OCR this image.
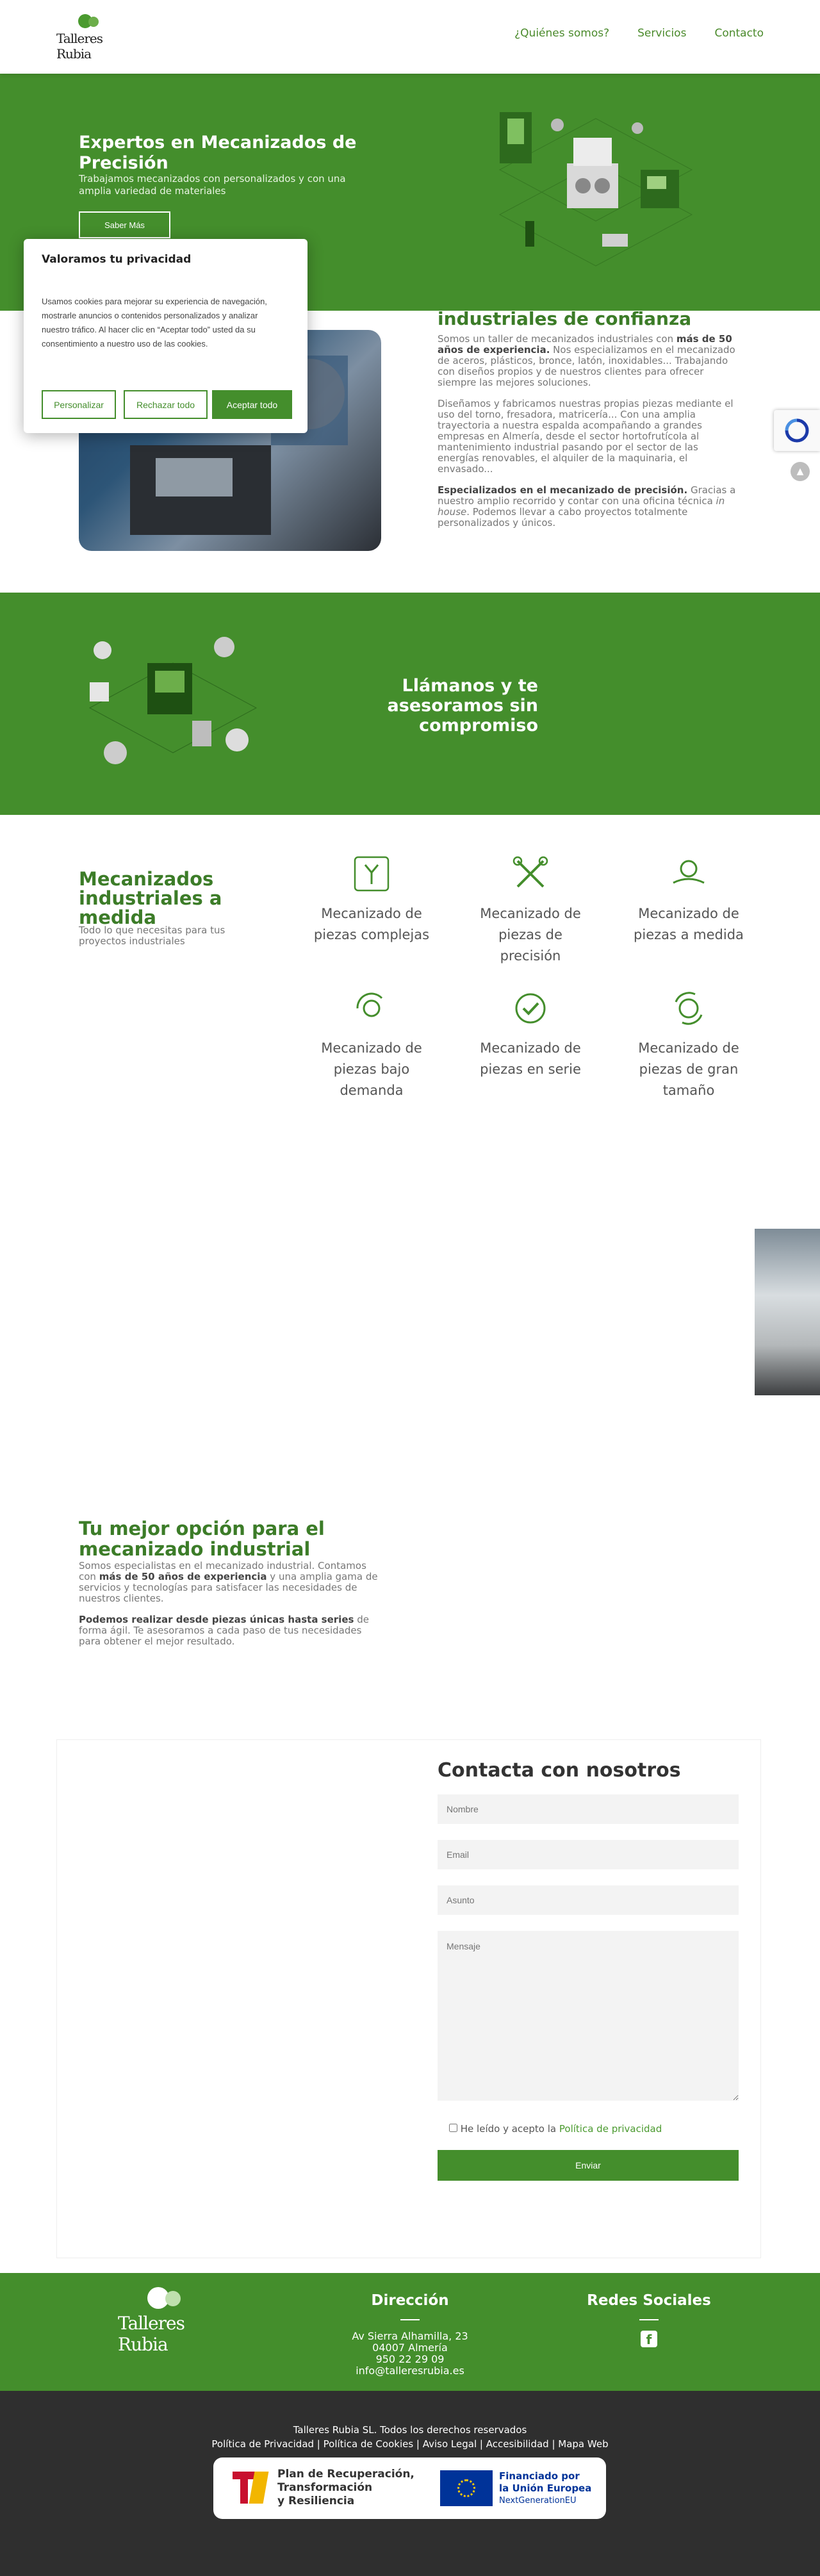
Talleres Rubia
¿Quiénes somos?	Servicios	Contacto
Expertos en Mecanizados de Precisión

Trabajamos mecanizados con personalizados y con una amplia variedad de materiales

Saber Más
industriales de confianza

Somos un taller de mecanizados industriales con más de 50 años de experiencia. Nos especializamos en el mecanizado de aceros, plásticos, bronce, latón, inoxidables... Trabajando con diseños propios y de nuestros clientes para ofrecer siempre las mejores soluciones.

Diseñamos y fabricamos nuestras propias piezas mediante el uso del torno, fresadora, matricería... Con una amplia trayectoria a nuestra espalda acompañando a grandes empresas en Almería, desde el sector hortofrutícola al mantenimiento industrial pasando por el sector de las energías renovables, el alquiler de la maquinaria, el envasado...

Especializados en el mecanizado de precisión. Gracias a nuestro amplio recorrido y contar con una oficina técnica in house. Podemos llevar a cabo proyectos totalmente personalizados y únicos.

▲
Llámanos y te asesoramos sin compromiso
Mecanizados industriales a medida
Todo lo que necesitas para tus proyectos industriales
Mecanizado de piezas complejas
Mecanizado de piezas de precisión
Mecanizado de piezas a medida
Mecanizado de piezas bajo demanda
Mecanizado de piezas en serie
Mecanizado de piezas de gran tamaño
Tu mejor opción para el mecanizado industrial

Somos especialistas en el mecanizado industrial. Contamos con más de 50 años de experiencia y una amplia gama de servicios y tecnologías para satisfacer las necesidades de nuestros clientes.

Podemos realizar desde piezas únicas hasta series de forma ágil. Te asesoramos a cada paso de tus necesidades para obtener el mejor resultado.

Contacta con nosotros
Nombre
Email
Asunto
Mensaje
He leído y acepto la Política de privacidad
Enviar
Talleres Rubia
Dirección
Av Sierra Alhamilla, 23
04007 Almería
950 22 29 09
info@talleresrubia.es
Redes Sociales
f
Talleres Rubia SL. Todos los derechos reservados
Política de Privacidad | Política de Cookies | Aviso Legal | Accesibilidad | Mapa Web
Plan de Recuperación,
Transformación
y Resiliencia
Financiado por
la Unión Europea
NextGenerationEU
Valoramos tu privacidad

Usamos cookies para mejorar su experiencia de navegación, mostrarle anuncios o contenidos personalizados y analizar nuestro tráfico. Al hacer clic en “Aceptar todo” usted da su consentimiento a nuestro uso de las cookies.

Personalizar	Rechazar todo	Aceptar todo
